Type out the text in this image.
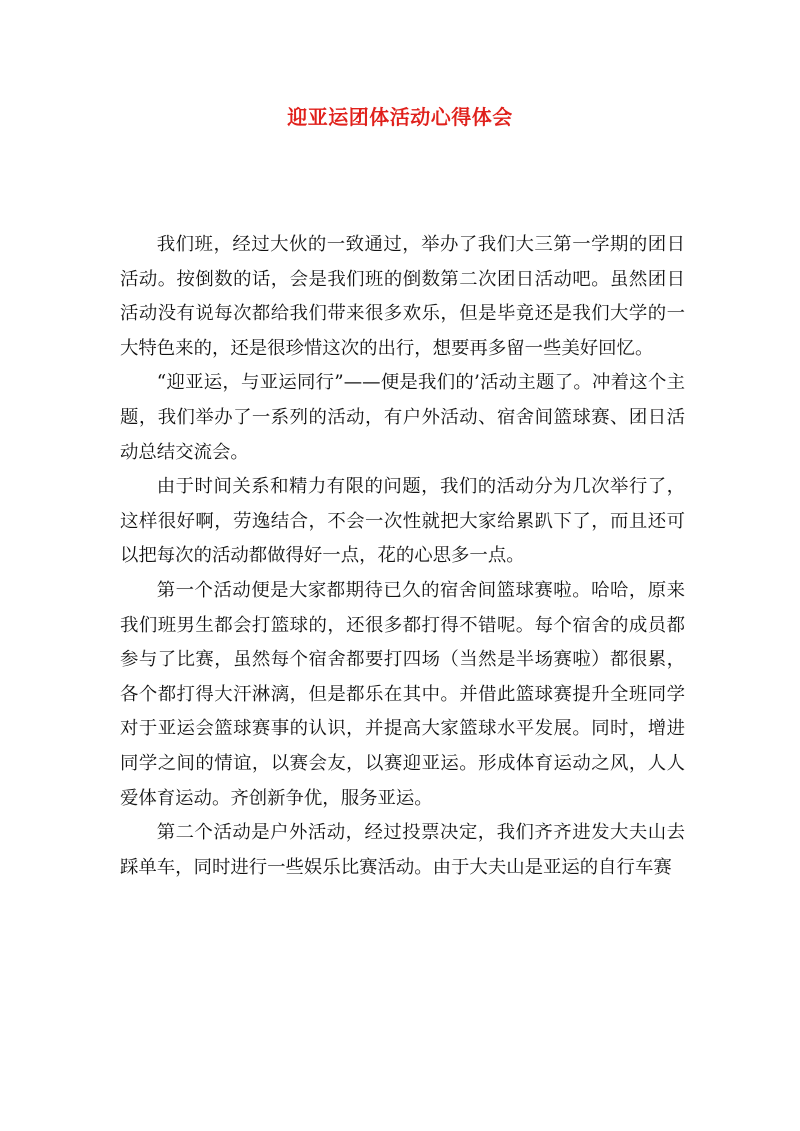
迎亚运团体活动心得体会

我们班，经过大伙的一致通过，举办了我们大三第一学期的团日活动。按倒数的话，会是我们班的倒数第二次团日活动吧。虽然团日活动没有说每次都给我们带来很多欢乐，但是毕竟还是我们大学的一大特色来的，还是很珍惜这次的出行，想要再多留一些美好回忆。

“迎亚运，与亚运同行”——便是我们的’活动主题了。冲着这个主题，我们举办了一系列的活动，有户外活动、宿舍间篮球赛、团日活动总结交流会。

由于时间关系和精力有限的问题，我们的活动分为几次举行了，这样很好啊，劳逸结合，不会一次性就把大家给累趴下了，而且还可以把每次的活动都做得好一点，花的心思多一点。

第一个活动便是大家都期待已久的宿舍间篮球赛啦。哈哈，原来我们班男生都会打篮球的，还很多都打得不错呢。每个宿舍的成员都参与了比赛，虽然每个宿舍都要打四场（当然是半场赛啦）都很累，各个都打得大汗淋漓，但是都乐在其中。并借此篮球赛提升全班同学对于亚运会篮球赛事的认识，并提高大家篮球水平发展。同时，增进同学之间的情谊，以赛会友，以赛迎亚运。形成体育运动之风，人人爱体育运动。齐创新争优，服务亚运。

第二个活动是户外活动，经过投票决定，我们齐齐进发大夫山去踩单车，同时进行一些娱乐比赛活动。由于大夫山是亚运的自行车赛
